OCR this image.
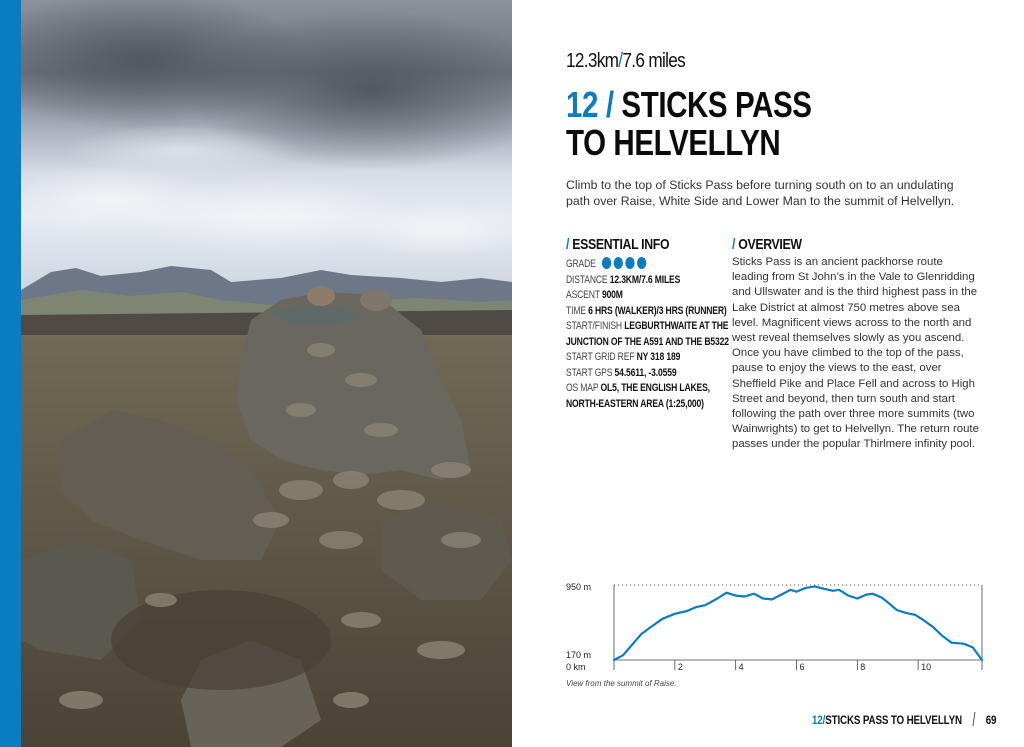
12.3km/7.6 miles
12 / STICKS PASS
TO HELVELLYN

Climb to the top of Sticks Pass before turning south on to an undulating path over Raise, White Side and Lower Man to the summit of Helvellyn.

/ ESSENTIAL INFO
GRADE
DISTANCE 12.3KM/7.6 MILES
ASCENT 900M
TIME 6 HRS (WALKER)/3 HRS (RUNNER)
START/FINISH LEGBURTHWAITE AT THE
JUNCTION OF THE A591 AND THE B5322
START GRID REF NY 318 189
START GPS 54.5611, -3.0559
OS MAP OL5, THE ENGLISH LAKES,
NORTH-EASTERN AREA (1:25,000)
/ OVERVIEW

Sticks Pass is an ancient packhorse route leading from St John’s in the Vale to Glenridding and Ullswater and is the third highest pass in the Lake District at almost 750 metres above sea level. Magnificent views across to the north and west reveal themselves slowly as you ascend. Once you have climbed to the top of the pass, pause to enjoy the views to the east, over Sheffield Pike and Place Fell and across to High Street and beyond, then turn south and start following the path over three more summits (two Wainwrights) to get to Helvellyn. The return route passes under the popular Thirlmere infinity pool.

950 m
170 m
0 km	2	4	6	8	10

View from the summit of Raise.

12/STICKS PASS TO HELVELLYN 69
